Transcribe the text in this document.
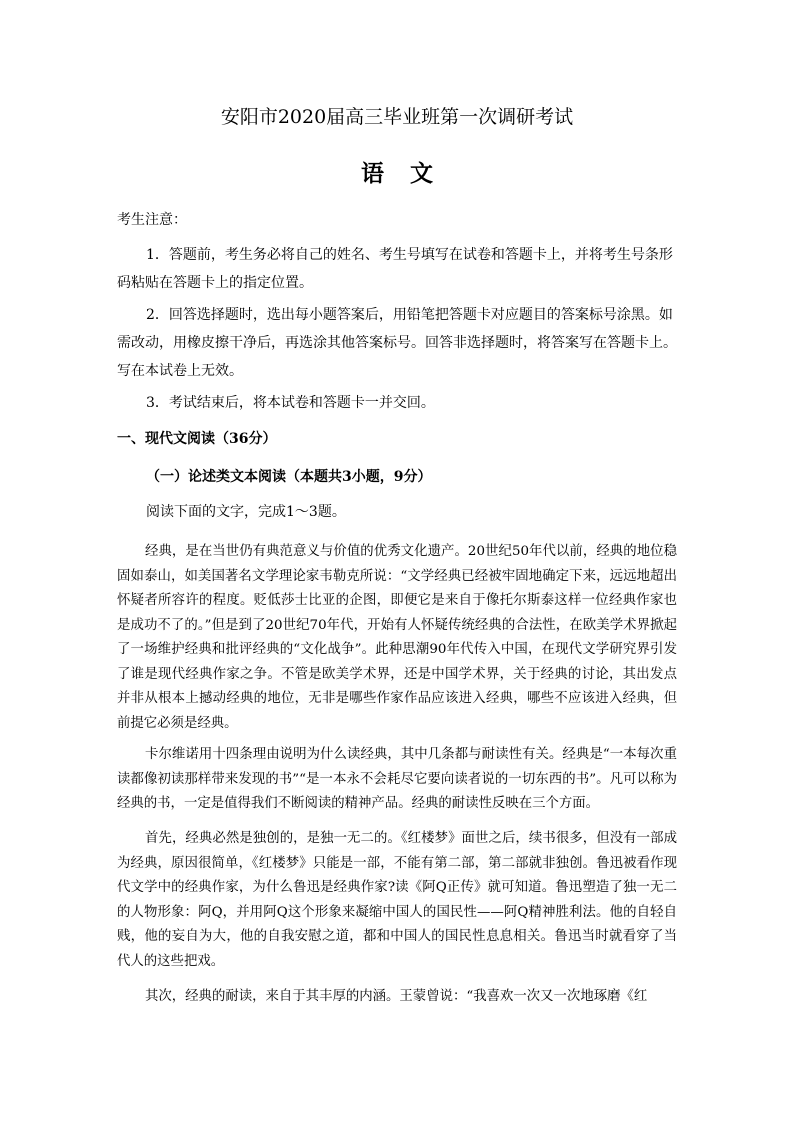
安阳市2020届高三毕业班第一次调研考试
语文

考生注意：

1．答题前，考生务必将自己的姓名、考生号填写在试卷和答题卡上，并将考生号条形码粘贴在答题卡上的指定位置。

2．回答选择题时，选出每小题答案后，用铅笔把答题卡对应题目的答案标号涂黑。如需改动，用橡皮擦干净后，再选涂其他答案标号。回答非选择题时，将答案写在答题卡上。写在本试卷上无效。

3．考试结束后，将本试卷和答题卡一并交回。

一、现代文阅读（36分）

（一）论述类文本阅读（本题共3小题，9分）

阅读下面的文字，完成1～3题。

经典，是在当世仍有典范意义与价值的优秀文化遗产。20世纪50年代以前，经典的地位稳固如泰山，如美国著名文学理论家韦勒克所说：“文学经典已经被牢固地确定下来，远远地超出怀疑者所容许的程度。贬低莎士比亚的企图，即便它是来自于像托尔斯泰这样一位经典作家也是成功不了的。”但是到了20世纪70年代，开始有人怀疑传统经典的合法性，在欧美学术界掀起了一场维护经典和批评经典的“文化战争”。此种思潮90年代传入中国，在现代文学研究界引发了谁是现代经典作家之争。不管是欧美学术界，还是中国学术界，关于经典的讨论，其出发点并非从根本上撼动经典的地位，无非是哪些作家作品应该进入经典，哪些不应该进入经典，但前提它必须是经典。

卡尔维诺用十四条理由说明为什么读经典，其中几条都与耐读性有关。经典是“一本每次重读都像初读那样带来发现的书”“是一本永不会耗尽它要向读者说的一切东西的书”。凡可以称为经典的书，一定是值得我们不断阅读的精神产品。经典的耐读性反映在三个方面。

首先，经典必然是独创的，是独一无二的。《红楼梦》面世之后，续书很多，但没有一部成为经典，原因很简单，《红楼梦》只能是一部，不能有第二部，第二部就非独创。鲁迅被看作现代文学中的经典作家，为什么鲁迅是经典作家?读《阿Q正传》就可知道。鲁迅塑造了独一无二的人物形象：阿Q，并用阿Q这个形象来凝缩中国人的国民性——阿Q精神胜利法。他的自轻自贱，他的妄自为大，他的自我安慰之道，都和中国人的国民性息息相关。鲁迅当时就看穿了当代人的这些把戏。

其次，经典的耐读，来自于其丰厚的内涵。王蒙曾说：“我喜欢一次又一次地琢磨《红
